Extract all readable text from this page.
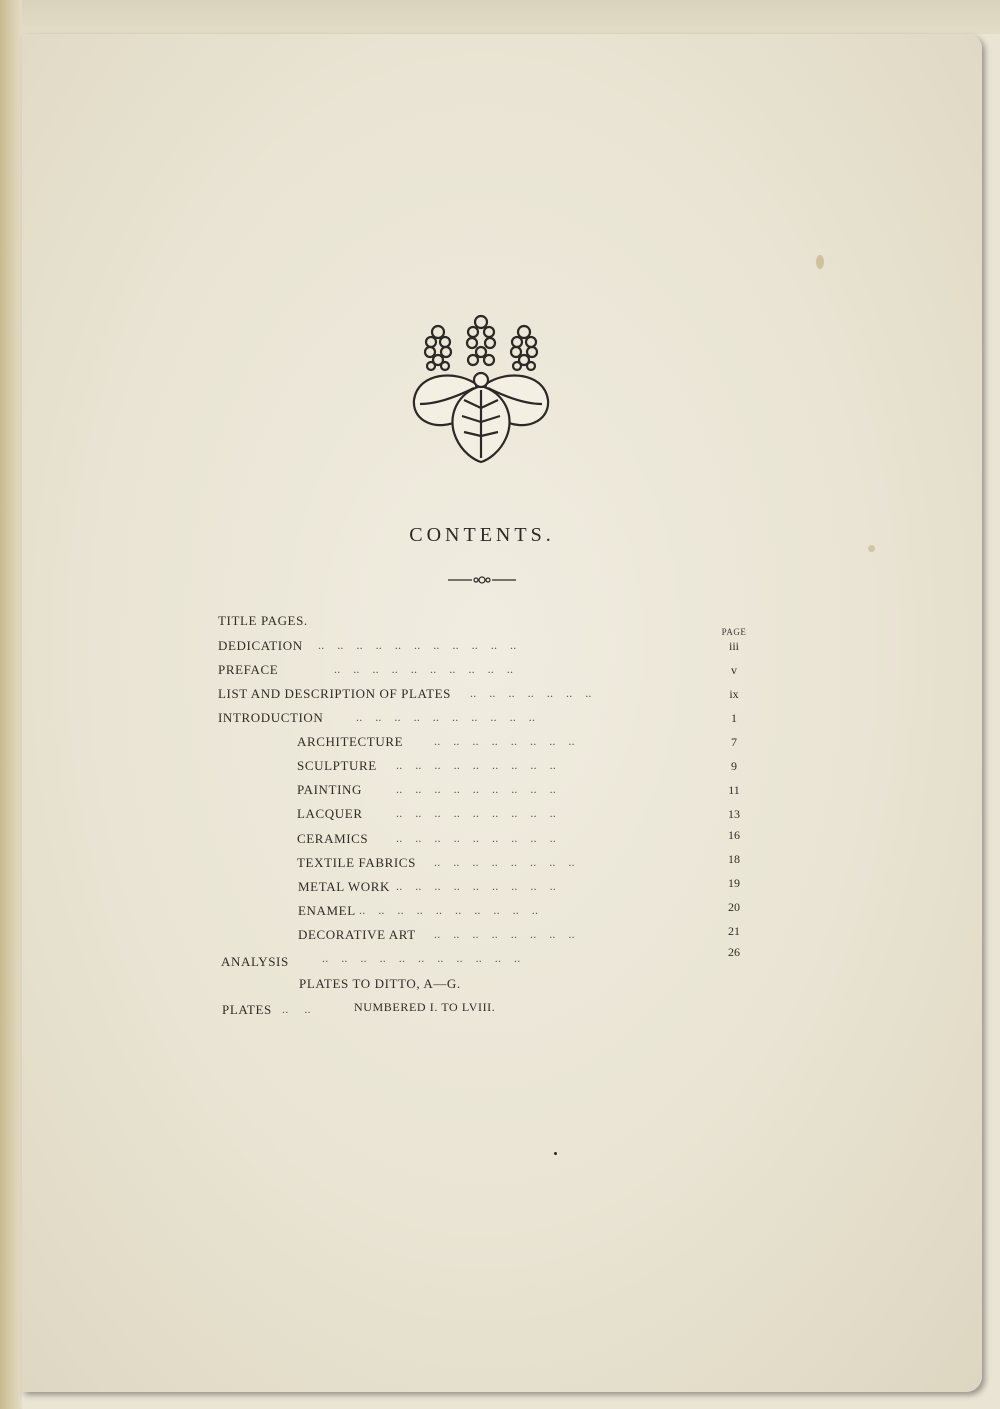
CONTENTS.
PAGE
TITLE PAGES.
DEDICATION ..    ..    ..    ..    ..    ..    ..    ..    ..    ..    ..	iii
PREFACE	..    ..    ..    ..    ..    ..    ..    ..    ..    ..	v
LIST AND DESCRIPTION OF PLATES ..    ..    ..    ..    ..    ..    ..	ix
INTRODUCTION	..    ..    ..    ..    ..    ..    ..    ..    ..    ..	1
ARCHITECTURE	..    ..    ..    ..    ..    ..    ..    ..	7
SCULPTURE ..    ..    ..    ..    ..    ..    ..    ..    ..	9
PAINTING	..    ..    ..    ..    ..    ..    ..    ..    ..	11
LACQUER	..    ..    ..    ..    ..    ..    ..    ..    ..	13
CERAMICS ..    ..    ..    ..    ..    ..    ..    ..    ..	16
TEXTILE FABRICS ..    ..    ..    ..    ..    ..    ..    ..	18
METAL WORK ..    ..    ..    ..    ..    ..    ..    ..    ..	19
ENAMEL ..    ..    ..    ..    ..    ..    ..    ..    ..    ..	20
DECORATIVE ART ..    ..    ..    ..    ..    ..    ..    ..	21
ANALYSIS	..    ..    ..    ..    ..    ..    ..    ..    ..    ..    ..	26
PLATES TO DITTO, A—G.
PLATES ..     ..	NUMBERED I. TO LVIII.
